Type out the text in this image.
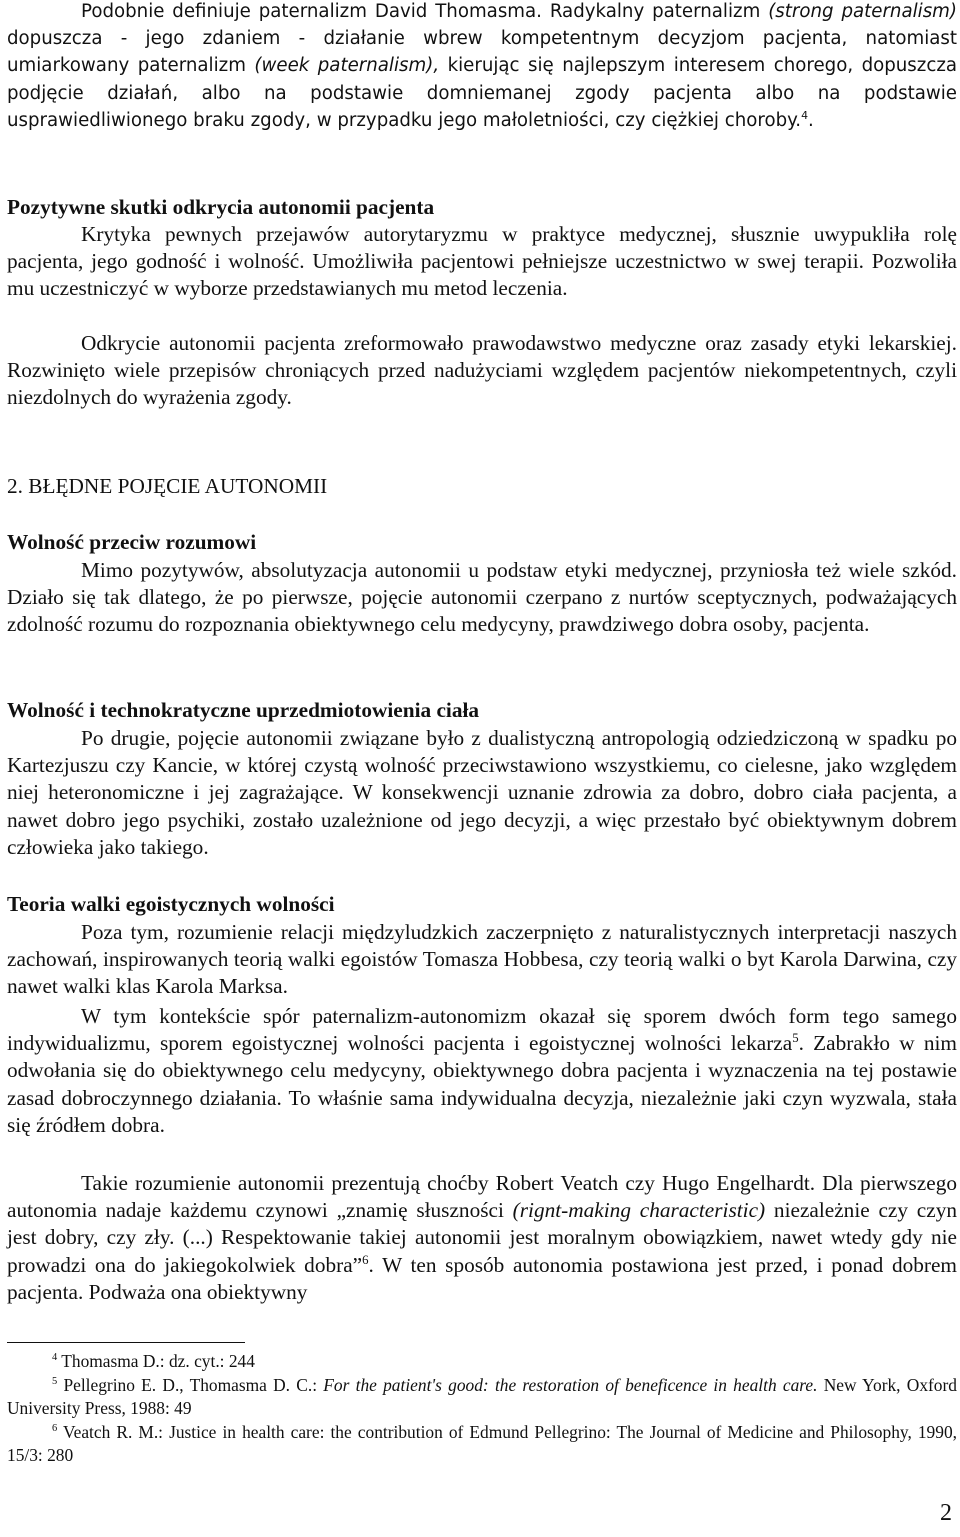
Podobnie definiuje paternalizm David Thomasma. Radykalny paternalizm (strong paternalism) dopuszcza - jego zdaniem - działanie wbrew kompetentnym decyzjom pacjenta, natomiast umiarkowany paternalizm (week paternalism), kierując się najlepszym interesem chorego, dopuszcza podjęcie działań, albo na podstawie domniemanej zgody pacjenta albo na podstawie usprawiedliwionego braku zgody, w przypadku jego małoletniości, czy ciężkiej choroby.$^4$.

Pozytywne skutki odkrycia autonomii pacjenta

Krytyka pewnych przejawów autorytaryzmu w praktyce medycznej, słusznie uwypukliła rolę pacjenta, jego godność i wolność. Umożliwiła pacjentowi pełniejsze uczestnictwo w swej terapii. Pozwoliła mu uczestniczyć w wyborze przedstawianych mu metod leczenia.

Odkrycie autonomii pacjenta zreformowało prawodawstwo medyczne oraz zasady etyki lekarskiej. Rozwinięto wiele przepisów chroniących przed nadużyciami względem pacjentów niekompetentnych, czyli niezdolnych do wyrażenia zgody.

2. BŁĘDNE POJĘCIE AUTONOMII
Wolność przeciw rozumowi

Mimo pozytywów, absolutyzacja autonomii u podstaw etyki medycznej, przyniosła też wiele szkód. Działo się tak dlatego, że po pierwsze, pojęcie autonomii czerpano z nurtów sceptycznych, podważających zdolność rozumu do rozpoznania obiektywnego celu medycyny, prawdziwego dobra osoby, pacjenta.

Wolność i technokratyczne uprzedmiotowienia ciała

Po drugie, pojęcie autonomii związane było z dualistyczną antropologią odziedziczoną w spadku po Kartezjuszu czy Kancie, w której czystą wolność przeciwstawiono wszystkiemu, co cielesne, jako względem niej heteronomiczne i jej zagrażające. W konsekwencji uznanie zdrowia za dobro, dobro ciała pacjenta, a nawet dobro jego psychiki, zostało uzależnione od jego decyzji, a więc przestało być obiektywnym dobrem człowieka jako takiego.

Teoria walki egoistycznych wolności

Poza tym, rozumienie relacji międzyludzkich zaczerpnięto z naturalistycznych interpretacji naszych zachowań, inspirowanych teorią walki egoistów Tomasza Hobbesa, czy teorią walki o byt Karola Darwina, czy nawet walki klas Karola Marksa.

W tym kontekście spór paternalizm-autonomizm okazał się sporem dwóch form tego samego indywidualizmu, sporem egoistycznej wolności pacjenta i egoistycznej wolności lekarza$^5$. Zabrakło w nim odwołania się do obiektywnego celu medycyny, obiektywnego dobra pacjenta i wyznaczenia na tej postawie zasad dobroczynnego działania. To właśnie sama indywidualna decyzja, niezależnie jaki czyn wyzwala, stała się źródłem dobra.

Takie rozumienie autonomii prezentują choćby Robert Veatch czy Hugo Engelhardt. Dla pierwszego autonomia nadaje każdemu czynowi „znamię słuszności (rignt-making characteristic) niezależnie czy czyn jest dobry, czy zły. (...) Respektowanie takiej autonomii jest moralnym obowiązkiem, nawet wtedy gdy nie prowadzi ona do jakiegokolwiek dobra”$^6$. W ten sposób autonomia postawiona jest przed, i ponad dobrem pacjenta. Podważa ona obiektywny

$^4$ Thomasma D.: dz. cyt.: 244

$^5$ Pellegrino E. D., Thomasma D. C.: For the patient's good: the restoration of beneficence in health care. New York, Oxford University Press, 1988: 49

$^6$ Veatch R. M.: Justice in health care: the contribution of Edmund Pellegrino: The Journal of Medicine and Philosophy, 1990, 15/3: 280

2
